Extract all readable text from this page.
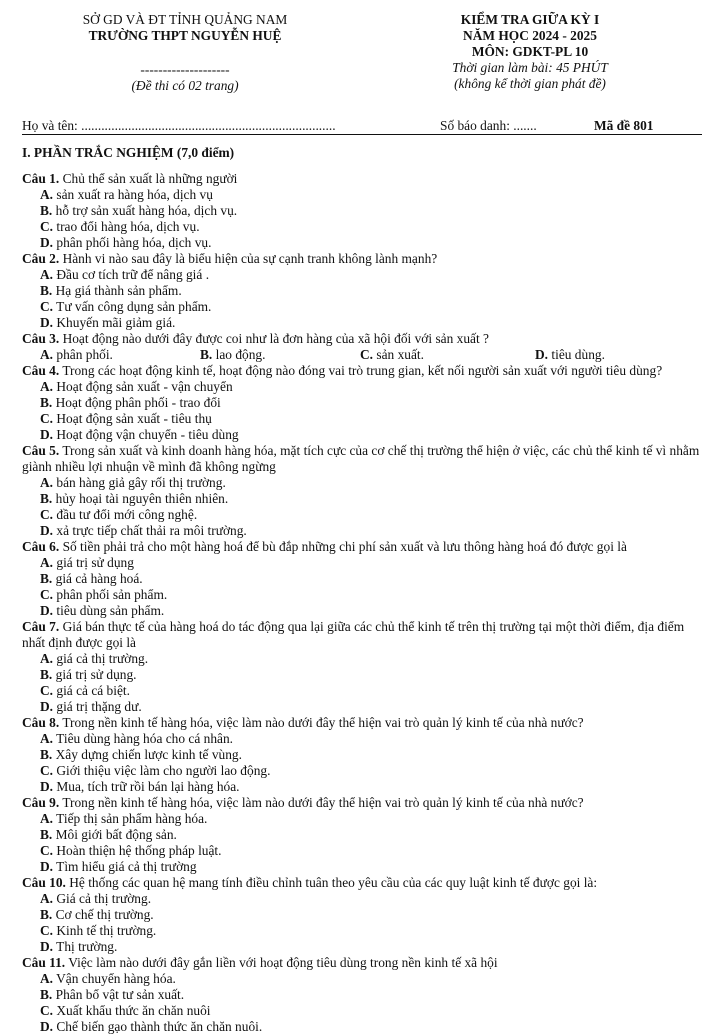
SỞ GD VÀ ĐT TỈNH QUẢNG NAM
TRƯỜNG THPT NGUYỄN HUỆ
--------------------
(Đề thi có 02 trang)
KIỂM TRA GIỮA KỲ I
NĂM HỌC 2024 - 2025
MÔN: GDKT-PL 10
Thời gian làm bài: 45 PHÚT
(không kể thời gian phát đề)
Họ và tên: ............................................................................	Số báo danh: .......	Mã đề 801
I. PHẦN TRẮC NGHIỆM (7,0 điểm)
Câu 1. Chủ thể sản xuất là những người
A. sản xuất ra hàng hóa, dịch vụ
B. hỗ trợ sản xuất hàng hóa, dịch vụ.
C. trao đổi hàng hóa, dịch vụ.
D. phân phối hàng hóa, dịch vụ.
Câu 2. Hành vi nào sau đây là biểu hiện của sự cạnh tranh không lành mạnh?
A. Đầu cơ tích trữ để nâng giá .
B. Hạ giá thành sản phẩm.
C. Tư vấn công dụng sản phẩm.
D. Khuyến mãi giảm giá.
Câu 3. Hoạt động nào dưới đây được coi như là đơn hàng của xã hội đối với sản xuất ?
A. phân phối.	B. lao động.	C. sản xuất.	D. tiêu dùng.
Câu 4. Trong các hoạt động kinh tế, hoạt động nào đóng vai trò trung gian, kết nối người sản xuất với người tiêu dùng?
A. Hoạt động sản xuất - vận chuyển
B. Hoạt động phân phối - trao đổi
C. Hoạt động sản xuất - tiêu thụ
D. Hoạt động vận chuyển - tiêu dùng
Câu 5. Trong sản xuất và kinh doanh hàng hóa, mặt tích cực của cơ chế thị trường thể hiện ở việc, các chủ thể kinh tế vì nhằm giành nhiều lợi nhuận về mình đã không ngừng
A. bán hàng giả gây rối thị trường.
B. hủy hoại tài nguyên thiên nhiên.
C. đầu tư đổi mới công nghệ.
D. xả trực tiếp chất thải ra môi trường.
Câu 6. Số tiền phải trả cho một hàng hoá để bù đắp những chi phí sản xuất và lưu thông hàng hoá đó được gọi là
A. giá trị sử dụng
B. giá cả hàng hoá.
C. phân phối sản phẩm.
D. tiêu dùng sản phẩm.
Câu 7. Giá bán thực tế của hàng hoá do tác động qua lại giữa các chủ thể kinh tế trên thị trường tại một thời điểm, địa điểm nhất định được gọi là
A. giá cả thị trường.
B. giá trị sử dụng.
C. giá cả cá biệt.
D. giá trị thặng dư.
Câu 8. Trong nền kinh tế hàng hóa, việc làm nào dưới đây thể hiện vai trò quản lý kinh tế của nhà nước?
A. Tiêu dùng hàng hóa cho cá nhân.
B. Xây dựng chiến lược kinh tế vùng.
C. Giới thiệu việc làm cho người lao động.
D. Mua, tích trữ rồi bán lại hàng hóa.
Câu 9. Trong nền kinh tế hàng hóa, việc làm nào dưới đây thể hiện vai trò quản lý kinh tế của nhà nước?
A. Tiếp thị sản phẩm hàng hóa.
B. Môi giới bất động sản.
C. Hoàn thiện hệ thống pháp luật.
D. Tìm hiểu giá cả thị trường
Câu 10. Hệ thống các quan hệ mang tính điều chỉnh tuân theo yêu cầu của các quy luật kinh tế được gọi là:
A. Giá cả thị trường.
B. Cơ chế thị trường.
C. Kinh tế thị trường.
D. Thị trường.
Câu 11. Việc làm nào dưới đây gắn liền với hoạt động tiêu dùng trong nền kinh tế xã hội
A. Vận chuyển hàng hóa.
B. Phân bổ vật tư sản xuất.
C. Xuất khẩu thức ăn chăn nuôi
D. Chế biến gạo thành thức ăn chăn nuôi.
